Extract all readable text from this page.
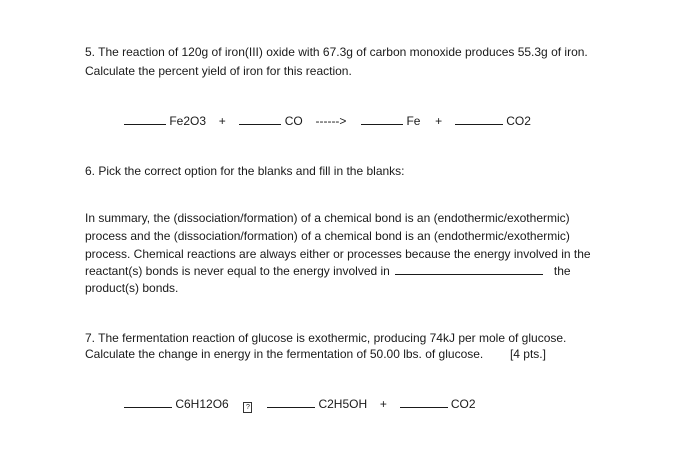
5. The reaction of 120g of iron(III) oxide with 67.3g of carbon monoxide produces 55.3g of iron.
Calculate the percent yield of iron for this reaction.
Fe2O3 +	CO ------>	Fe +	CO2
6. Pick the correct option for the blanks and fill in the blanks:
In summary, the (dissociation/formation) of a chemical bond is an (endothermic/exothermic)
process and the (dissociation/formation) of a chemical bond is an (endothermic/exothermic)
process. Chemical reactions are always either or processes because the energy involved in the
reactant(s) bonds is never equal to the energy involved in	the
product(s) bonds.
7. The fermentation reaction of glucose is exothermic, producing 74kJ per mole of glucose.
Calculate the change in energy in the fermentation of 50.00 lbs. of glucose. [4 pts.]
C6H12O6 ?	C2H5OH +	CO2
